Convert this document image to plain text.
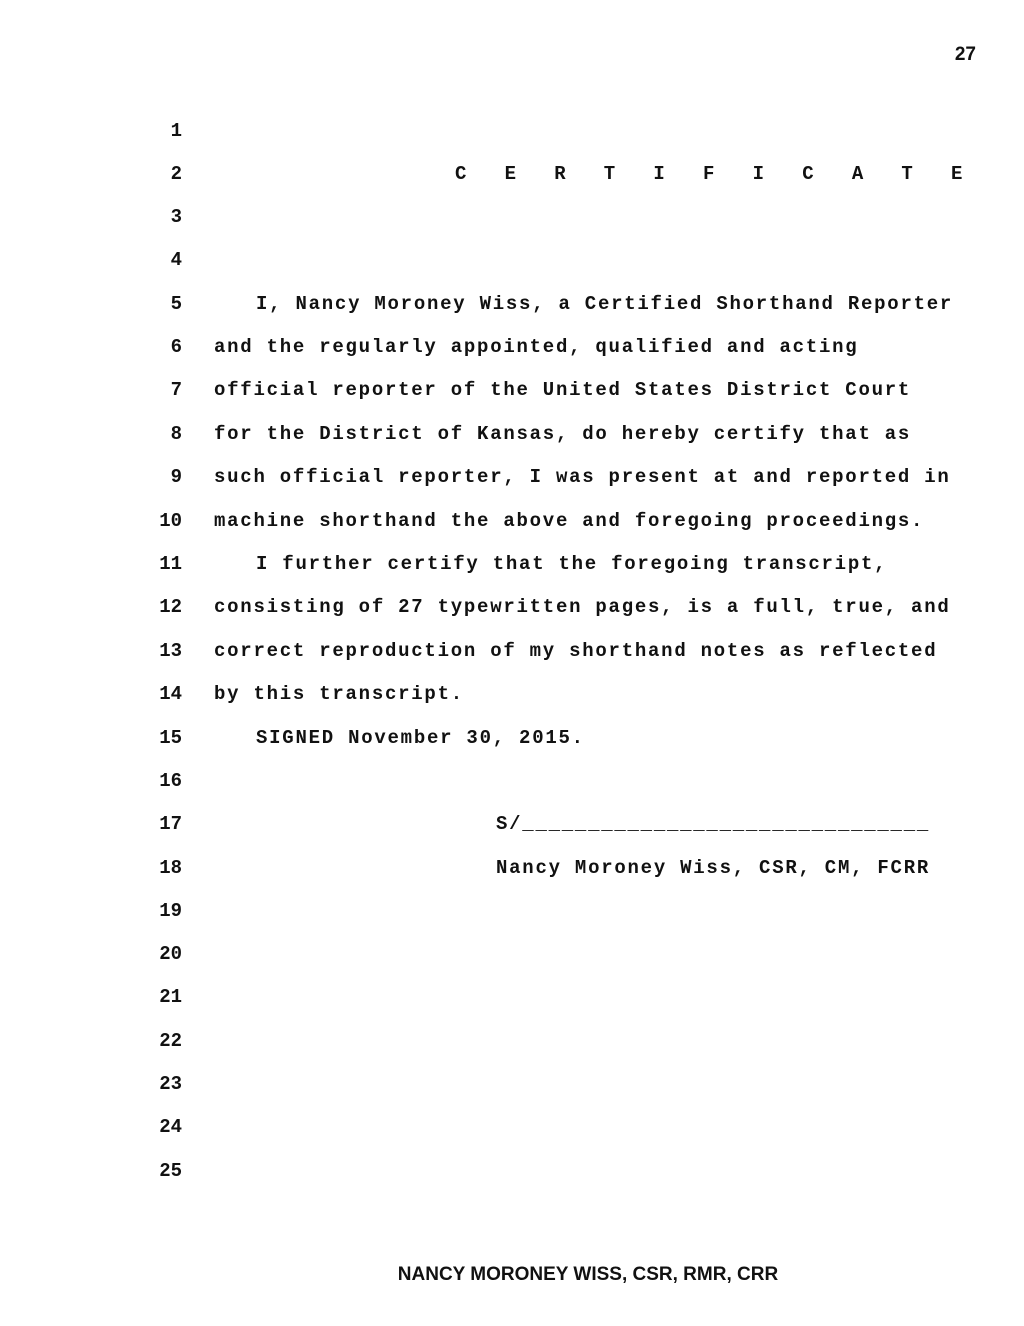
27

1

2

	C E R T I F I C A T E

3

4

5

	I, Nancy Moroney Wiss, a Certified Shorthand Reporter

6

and the regularly appointed, qualified and acting

7

official reporter of the United States District Court

8

for the District of Kansas, do hereby certify that as

9

such official reporter, I was present at and reported in

10

machine shorthand the above and foregoing proceedings.

11

	I further certify that the foregoing transcript,

12

consisting of 27 typewritten pages, is a full, true, and

13

correct reproduction of my shorthand notes as reflected

14

by this transcript.

15

	SIGNED November 30, 2015.

16

17

	S/_______________________________

18

	Nancy Moroney Wiss, CSR, CM, FCRR

19

20

21

22

23

24

25

NANCY MORONEY WISS, CSR, RMR, CRR
